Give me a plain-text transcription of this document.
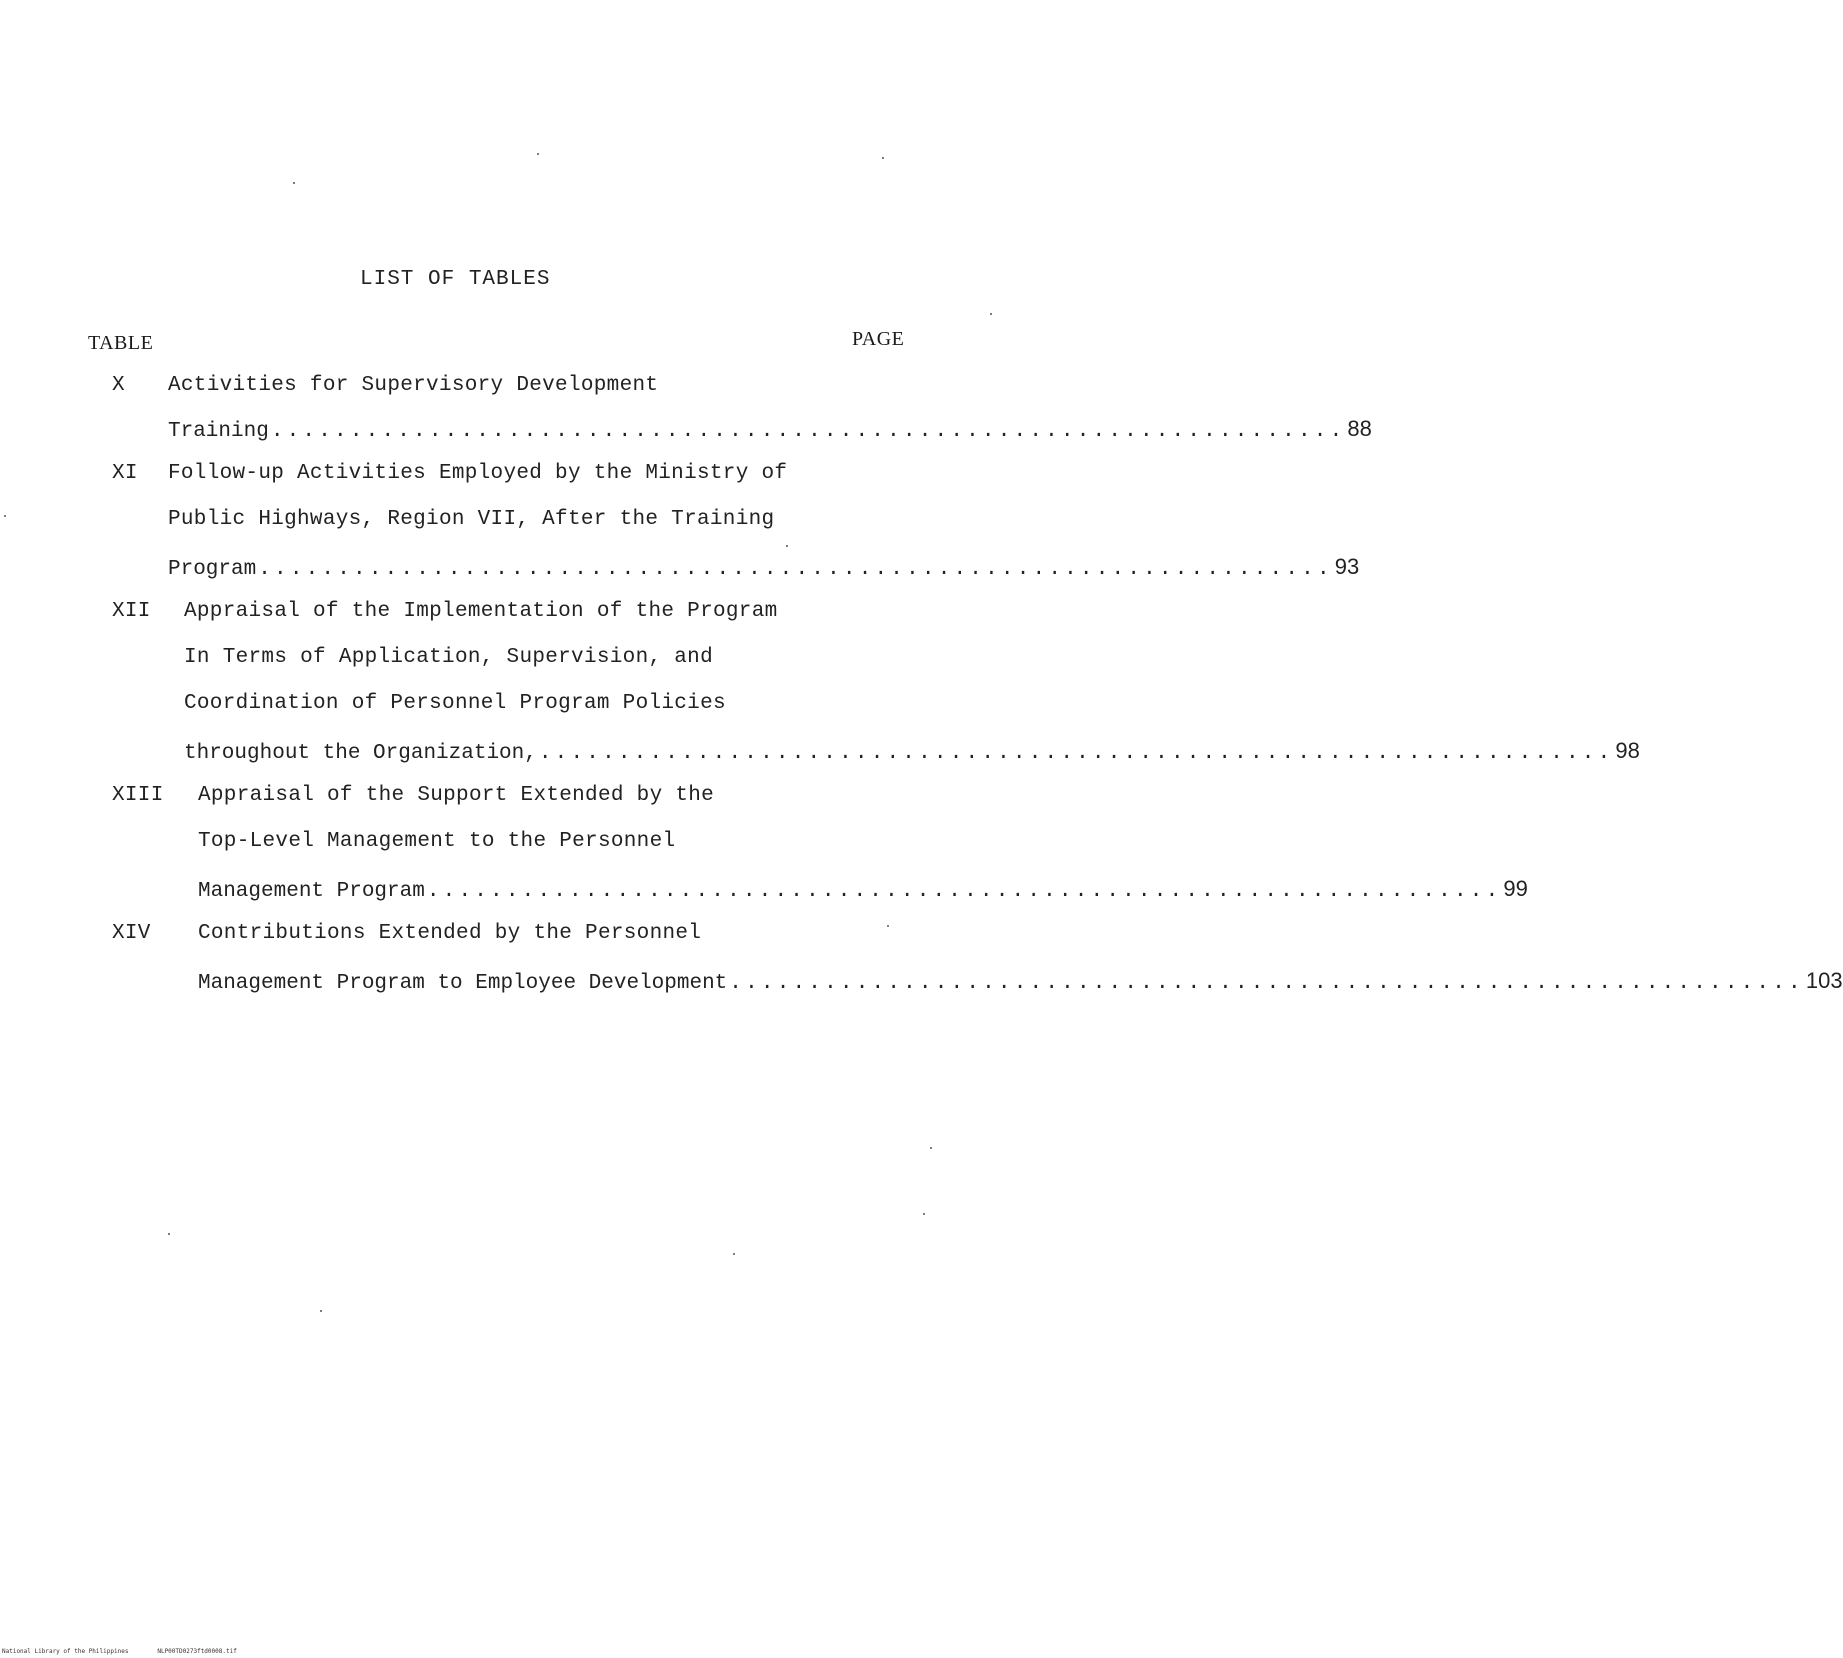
LIST OF TABLES
TABLE	PAGE
X Activities for Supervisory Development
Training .................................................................... 88
XI Follow-up Activities Employed by the Ministry of
Public Highways, Region VII, After the Training
Program .................................................................... 93
XII Appraisal of the Implementation of the Program
In Terms of Application, Supervision, and
Coordination of Personnel Program Policies
throughout the Organization, .................................................................... 98
XIII Appraisal of the Support Extended by the
Top-Level Management to the Personnel
Management Program .................................................................... 99
XIV Contributions Extended by the Personnel
Management Program to Employee Development .................................................................... 103
National Library of the Philippines	NLP00TD0273ftd0008.tif
